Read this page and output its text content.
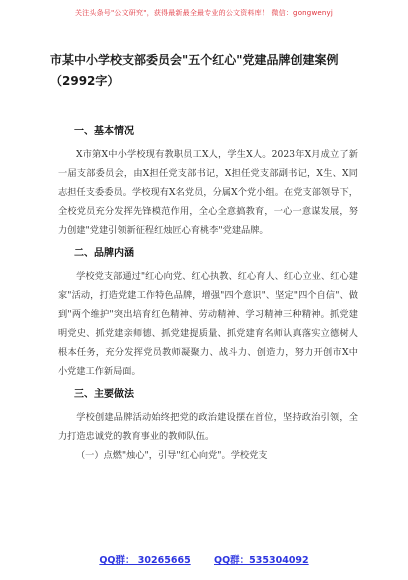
关注头条号"公文研究"，获得最新最全最专业的公文资料库！ 微信：gongwenyj
市某中小学校支部委员会"五个红心"党建品牌创建案例
（2992字）
一、基本情况

X市第X中小学校现有教职员工X人，学生X人。2023年X月成立了新一届支部委员会，由X担任党支部书记，X担任党支部副书记，X生、X同志担任支委委员。学校现有X名党员，分属X个党小组。在党支部领导下，全校党员充分发挥先锋模范作用，全心全意搞教育，一心一意谋发展，努力创建"党建引领新征程红烛匠心育桃李"党建品牌。

二、品牌内涵

学校党支部通过"红心向党、红心执教、红心育人、红心立业、红心建家"活动，打造党建工作特色品牌，增强"四个意识"、坚定"四个自信"、做到"两个维护"突出培育红色精神、劳动精神、学习精神三种精神。抓党建明党史、抓党建亲师德、抓党建提质量、抓党建育名师认真落实立德树人根本任务，充分发挥党员教师凝聚力、战斗力、创造力，努力开创市X中小党建工作新局面。

三、主要做法

学校创建品牌活动始终把党的政治建设摆在首位，坚持政治引领，全力打造忠诚党的教育事业的教师队伍。

（一）点燃"烛心"，引导"红心向党"。学校党支

QQ群： 30265665 QQ群：535304092
